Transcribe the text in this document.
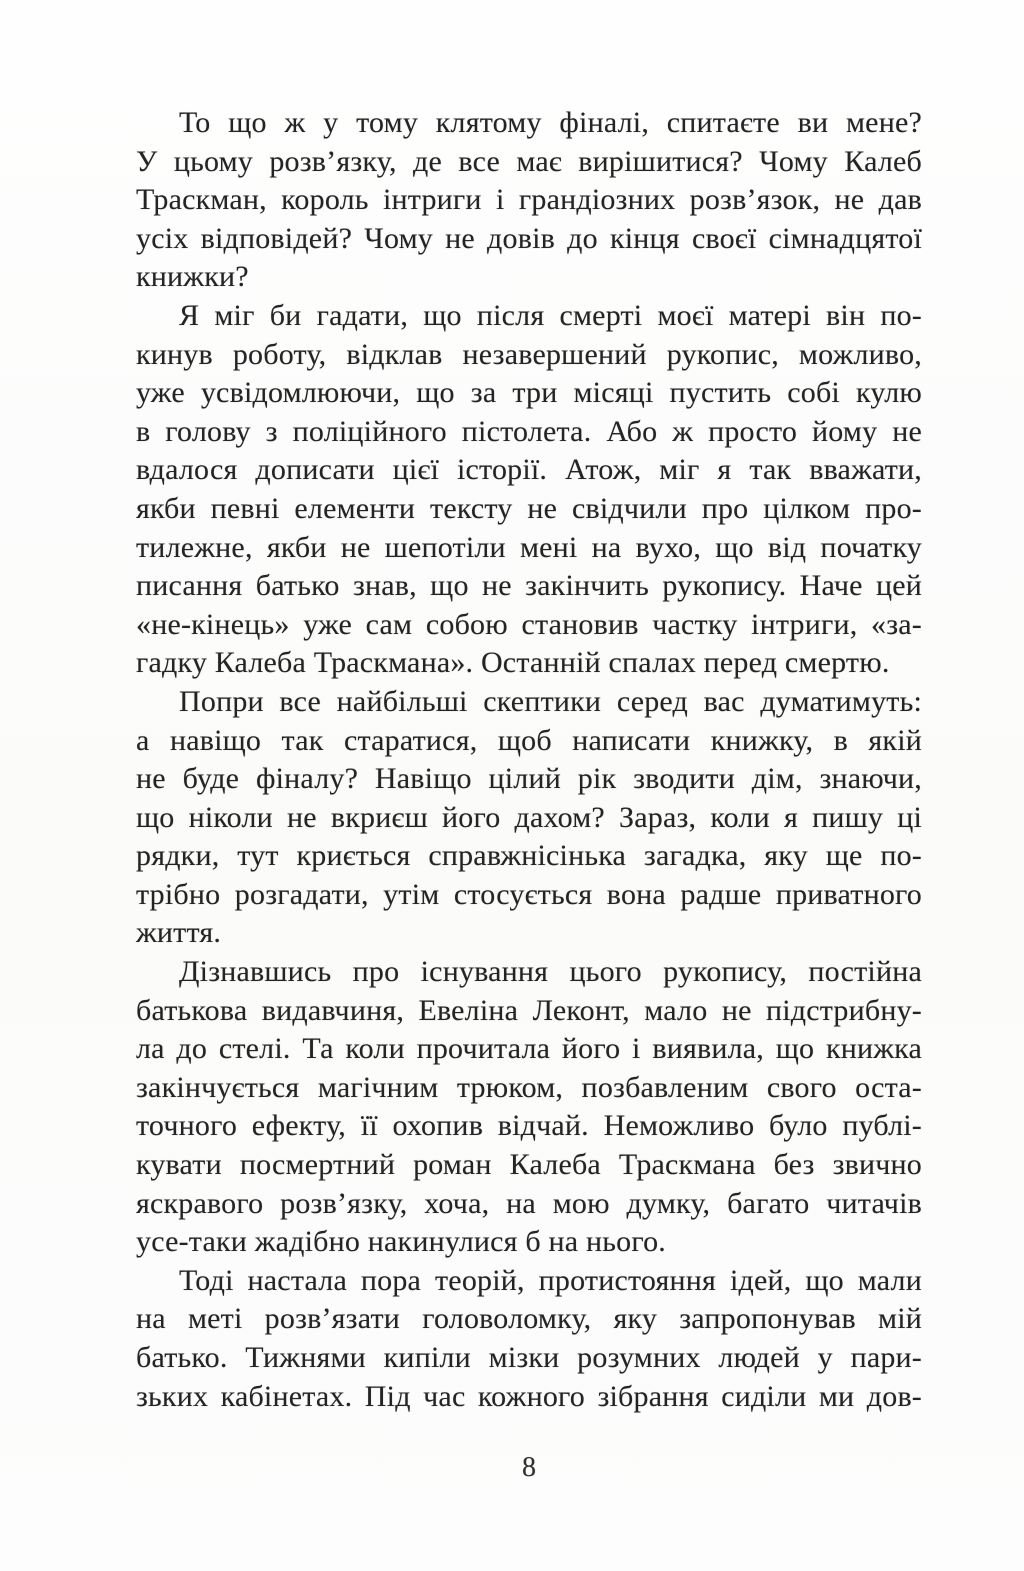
То що ж у тому клятому фіналі, спитаєте ви мене?
У цьому розв’язку, де все має вирішитися? Чому Калеб
Траскман, король інтриги і грандіозних розв’язок, не дав
усіх відповідей? Чому не довів до кінця своєї сімнадцятої
книжки?
Я міг би гадати, що після смерті моєї матері він по-
кинув роботу, відклав незавершений рукопис, можливо,
уже усвідомлюючи, що за три місяці пустить собі кулю
в голову з поліційного пістолета. Або ж просто йому не
вдалося дописати цієї історії. Атож, міг я так вважати,
якби певні елементи тексту не свідчили про цілком про-
тилежне, якби не шепотіли мені на вухо, що від початку
писання батько знав, що не закінчить рукопису. Наче цей
«не-кінець» уже сам собою становив частку інтриги, «за-
гадку Калеба Траскмана». Останній спалах перед смертю.
Попри все найбільші скептики серед вас думатимуть:
а навіщо так старатися, щоб написати книжку, в якій
не буде фіналу? Навіщо цілий рік зводити дім, знаючи,
що ніколи не вкриєш його дахом? Зараз, коли я пишу ці
рядки, тут криється справжнісінька загадка, яку ще по-
трібно розгадати, утім стосується вона радше приватного
життя.
Дізнавшись про існування цього рукопису, постійна
батькова видавчиня, Евеліна Леконт, мало не підстрибну-
ла до стелі. Та коли прочитала його і виявила, що книжка
закінчується магічним трюком, позбавленим свого оста-
точного ефекту, її охопив відчай. Неможливо було публі-
кувати посмертний роман Калеба Траскмана без звично
яскравого розв’язку, хоча, на мою думку, багато читачів
усе-таки жадібно накинулися б на нього.
Тоді настала пора теорій, протистояння ідей, що мали
на меті розв’язати головоломку, яку запропонував мій
батько. Тижнями кипіли мізки розумних людей у пари-
зьких кабінетах. Під час кожного зібрання сиділи ми дов-
8
